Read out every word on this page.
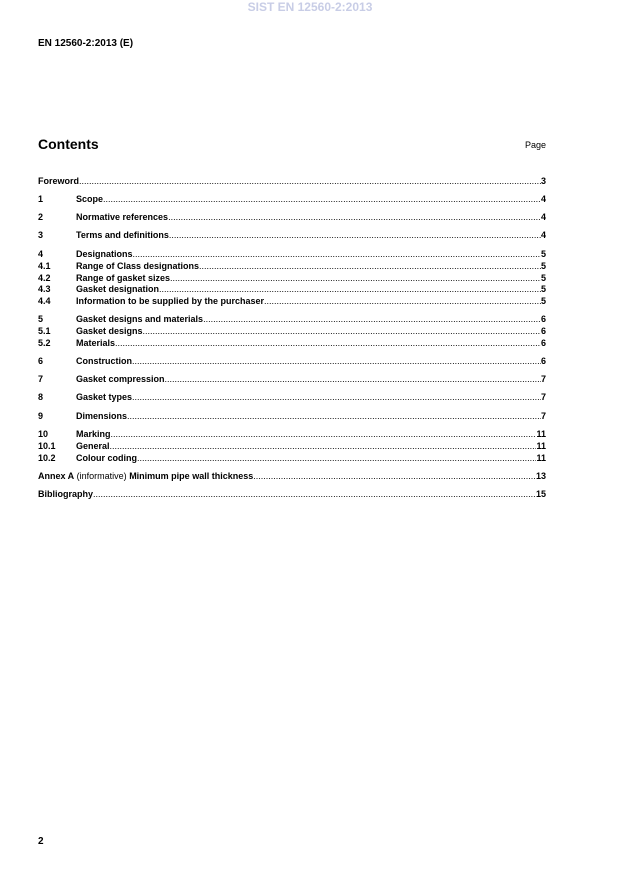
SIST EN 12560-2:2013
EN 12560-2:2013 (E)
Contents	Page
Foreword .....	3
1	Scope .....	4
2	Normative references .....	4
3	Terms and definitions .....	4
4	Designations .....	5
4.1	Range of Class designations .....	5
4.2	Range of gasket sizes .....	5
4.3	Gasket designation .....	5
4.4	Information to be supplied by the purchaser .....	5
5	Gasket designs and materials .....	6
5.1	Gasket designs .....	6
5.2	Materials .....	6
6	Construction .....	6
7	Gasket compression .....	7
8	Gasket types .....	7
9	Dimensions .....	7
10	Marking .....	11
10.1	General .....	11
10.2	Colour coding .....	11
Annex A (informative) Minimum pipe wall thickness .....	13
Bibliography .....	15
2
